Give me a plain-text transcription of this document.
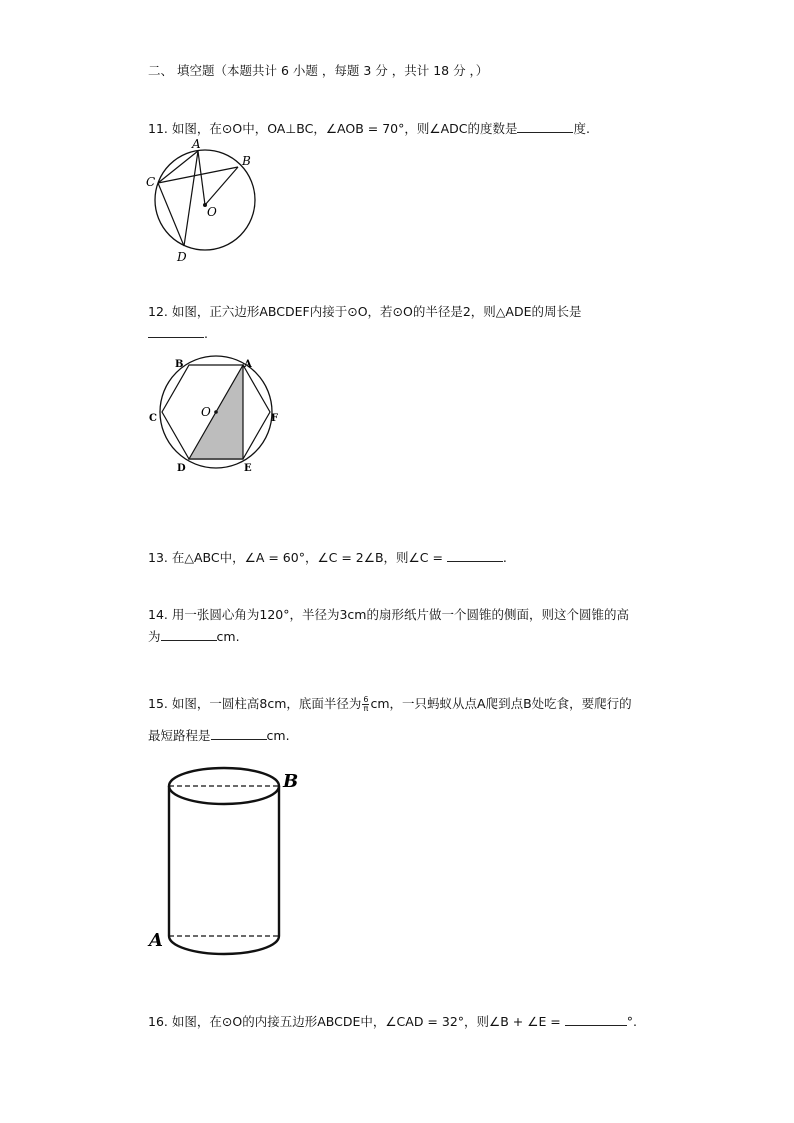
二、 填空题（本题共计 6 小题 ，每题 3 分 ，共计 18 分 ，）
11. 如图，在⊙O中，OA⊥BC，∠AOB = 70°，则∠ADC的度数是	度.
A
B
C
D
O
12. 如图，正六边形ABCDEF内接于⊙O，若⊙O的半径是2，则△ADE的周长是
.
A
B
C
D	E
F
O
13. 在△ABC中，∠A = 60°，∠C = 2∠B，则∠C =	.
14. 用一张圆心角为120°，半径为3cm的扇形纸片做一个圆锥的侧面，则这个圆锥的高
为	cm.
15. 如图，一圆柱高8cm，底面半径为 $\frac{6}{\pi}$ cm，一只蚂蚁从点A爬到点B处吃食，要爬行的
最短路程是	cm.
B
A
16. 如图，在⊙O的内接五边形ABCDE中，∠CAD = 32°，则∠B + ∠E =	°.
